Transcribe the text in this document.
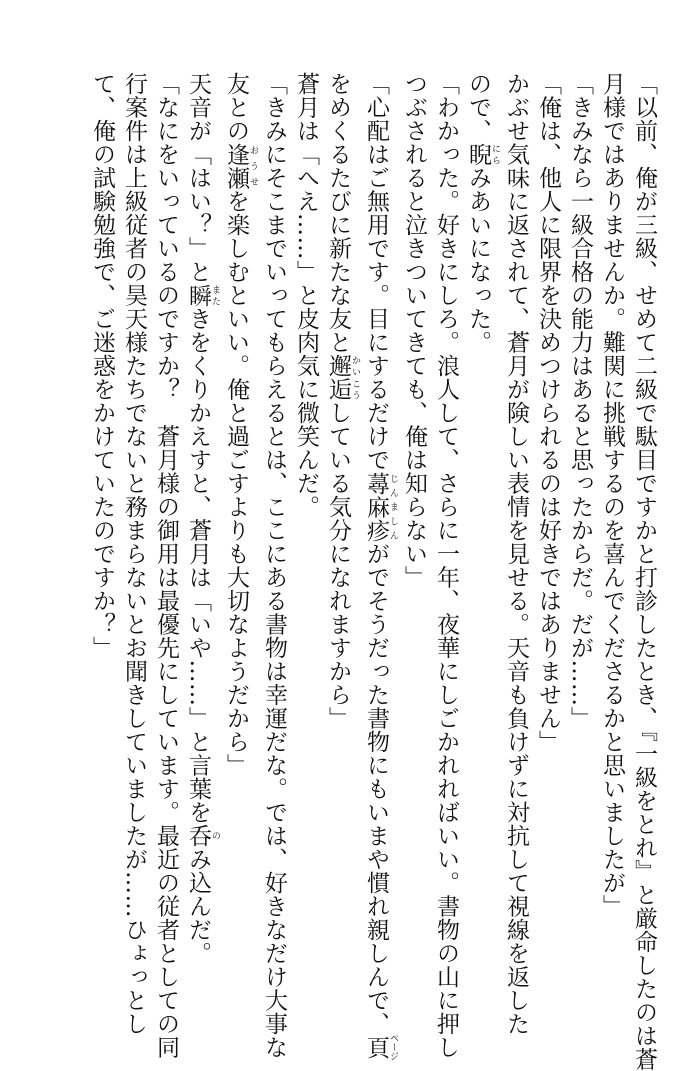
「以前、俺が三級、せめて二級で駄目ですかと打診したとき、『一級をとれ』と厳命したのは蒼
月様ではありませんか。難関に挑戦するのを喜んでくださるかと思いましたが」
「きみなら一級合格の能力はあると思ったからだ。だが……」
「俺は、他人に限界を決めつけられるのは好きではありません」
かぶせ気味に返されて、蒼月が険しい表情を見せる。天音も負けずに対抗して視線を返した
ので、睨 にらみあいになった。
「わかった。好きにしろ。浪人して、さらに一年、夜華にしごかれればいい。書物の山に押し
つぶされると泣きついてきても、俺は知らない」
「心配はご無用です。目にするだけで蕁麻疹 じんましんがでそうだった書物にもいまや慣れ親しんで、頁 ページ
をめくるたびに新たな友と邂逅 かいこうしている気分になれますから」
蒼月は「へえ……」と皮肉気に微笑んだ。
「きみにそこまでいってもらえるとは、ここにある書物は幸運だな。では、好きなだけ大事な
友との逢瀬 おうせを楽しむといい。俺と過ごすよりも大切なようだから」
天音が「はい？」と瞬 またきをくりかえすと、蒼月は「いや……」と言葉を呑 のみ込んだ。
「なにをいっているのですか？　蒼月様の御用は最優先にしています。最近の従者としての同
行案件は上級従者の昊天様たちでないと務まらないとお聞きしていましたが……ひょっとし
て、俺の試験勉強で、ご迷惑をかけていたのですか？」
